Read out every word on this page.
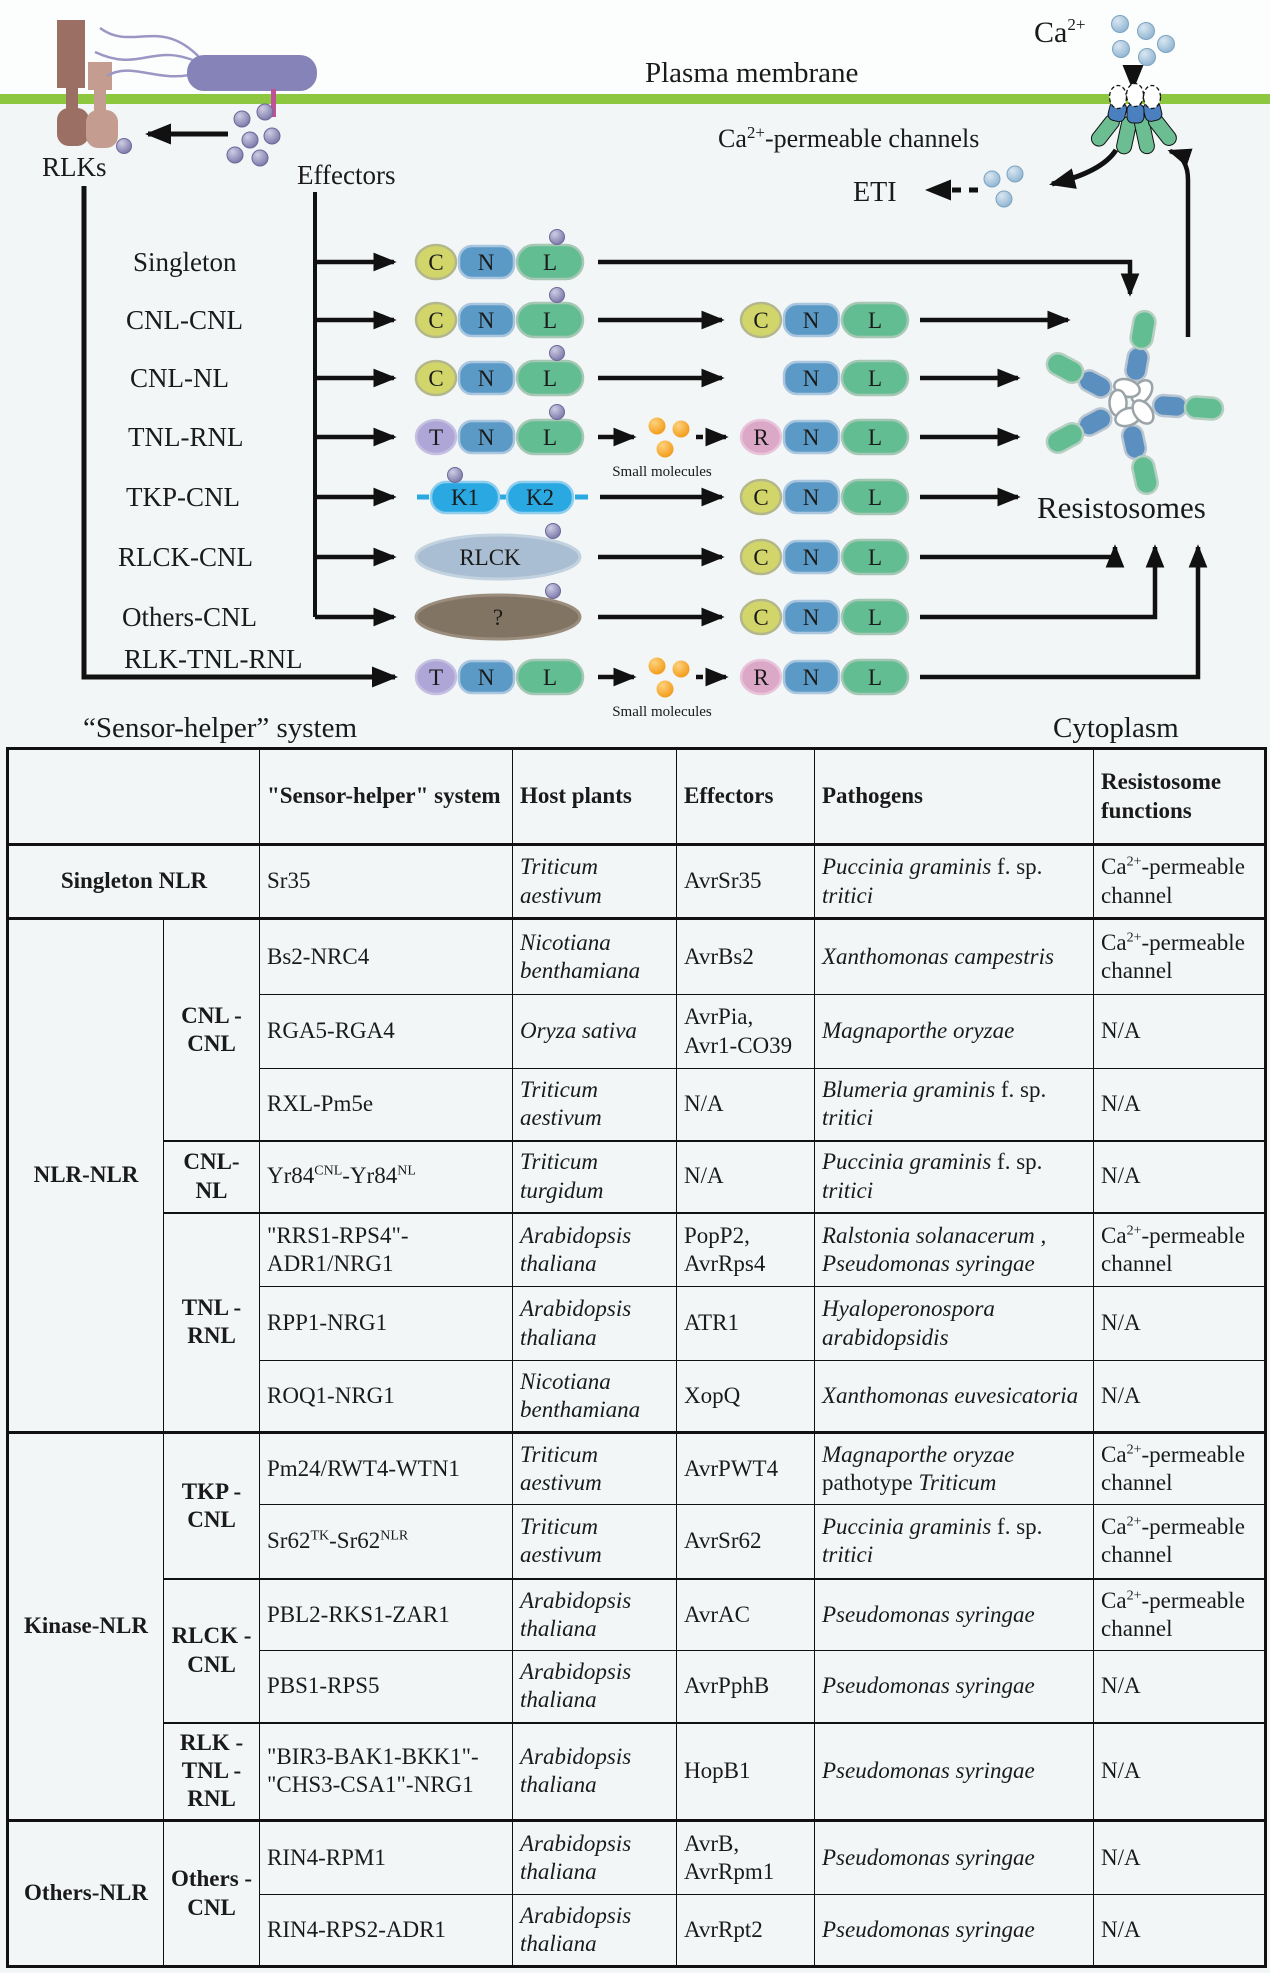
Plasma membrane
RLKs	Effectors
$Ca^{2+}$
$Ca^{2+}$-permeable channels
ETI
Singleton
CNL-CNL
CNL-NL
TNL-RNL
TKP-CNL
RLCK-CNL
Others-CNL
RLK-TNL-RNL
C N L
C N L	C N L
C N L	N L
T N L
Small molecules
R N L
K1 K2	C N L
RLCK	C N L
?	C N L
T N L
Small molecules
R N L
Resistosomes
“Sensor-helper” system	Cytoplasm
		"Sensor-helper" system	Host plants	Effectors	Pathogens	Resistosome functions
Singleton NLR		Sr35	Triticum aestivum	AvrSr35	Puccinia graminis f. sp. tritici	$Ca^{2+}$-permeable channel
NLR-NLR	CNL -CNL	Bs2-NRC4	Nicotiana benthamiana	AvrBs2	Xanthomonas campestris	$Ca^{2+}$-permeable channel
		RGA5-RGA4	Oryza sativa	AvrPia, Avr1-CO39	Magnaporthe oryzae	N/A
		RXL-Pm5e	Triticum aestivum	N/A	Blumeria graminis f. sp. tritici	N/A
	CNL- NL	$Yr84^{CNL}-Yr84^{NL}$	Triticum turgidum	N/A	Puccinia graminis f. sp. tritici	N/A
	TNL -RNL	"RRS1-RPS4"-ADR1/NRG1	Arabidopsis thaliana	PopP2, AvrRps4	Ralstonia solanacerum , Pseudomonas syringae	$Ca^{2+}$-permeable channel
		RPP1-NRG1	Arabidopsis thaliana	ATR1	Hyaloperonospora arabidopsidis	N/A
		ROQ1-NRG1	Nicotiana benthamiana	XopQ	Xanthomonas euvesicatoria	N/A
Kinase-NLR	TKP -CNL	Pm24/RWT4-WTN1	Triticum aestivum	AvrPWT4	Magnaporthe oryzae pathotype Triticum	$Ca^{2+}$-permeable channel
		$Sr62^{TK}-Sr62^{NLR}$	Triticum aestivum	AvrSr62	Puccinia graminis f. sp. tritici	$Ca^{2+}$-permeable channel
	RLCK -CNL	PBL2-RKS1-ZAR1	Arabidopsis thaliana	AvrAC	Pseudomonas syringae	$Ca^{2+}$-permeable channel
		PBS1-RPS5	Arabidopsis thaliana	AvrPphB	Pseudomonas syringae	N/A
	RLK -TNL -RNL	"BIR3-BAK1-BKK1"-"CHS3-CSA1"-NRG1	Arabidopsis thaliana	HopB1	Pseudomonas syringae	N/A
Others-NLR	Others -CNL	RIN4-RPM1	Arabidopsis thaliana	AvrB, AvrRpm1	Pseudomonas syringae	N/A
		RIN4-RPS2-ADR1	Arabidopsis thaliana	AvrRpt2	Pseudomonas syringae	N/A
